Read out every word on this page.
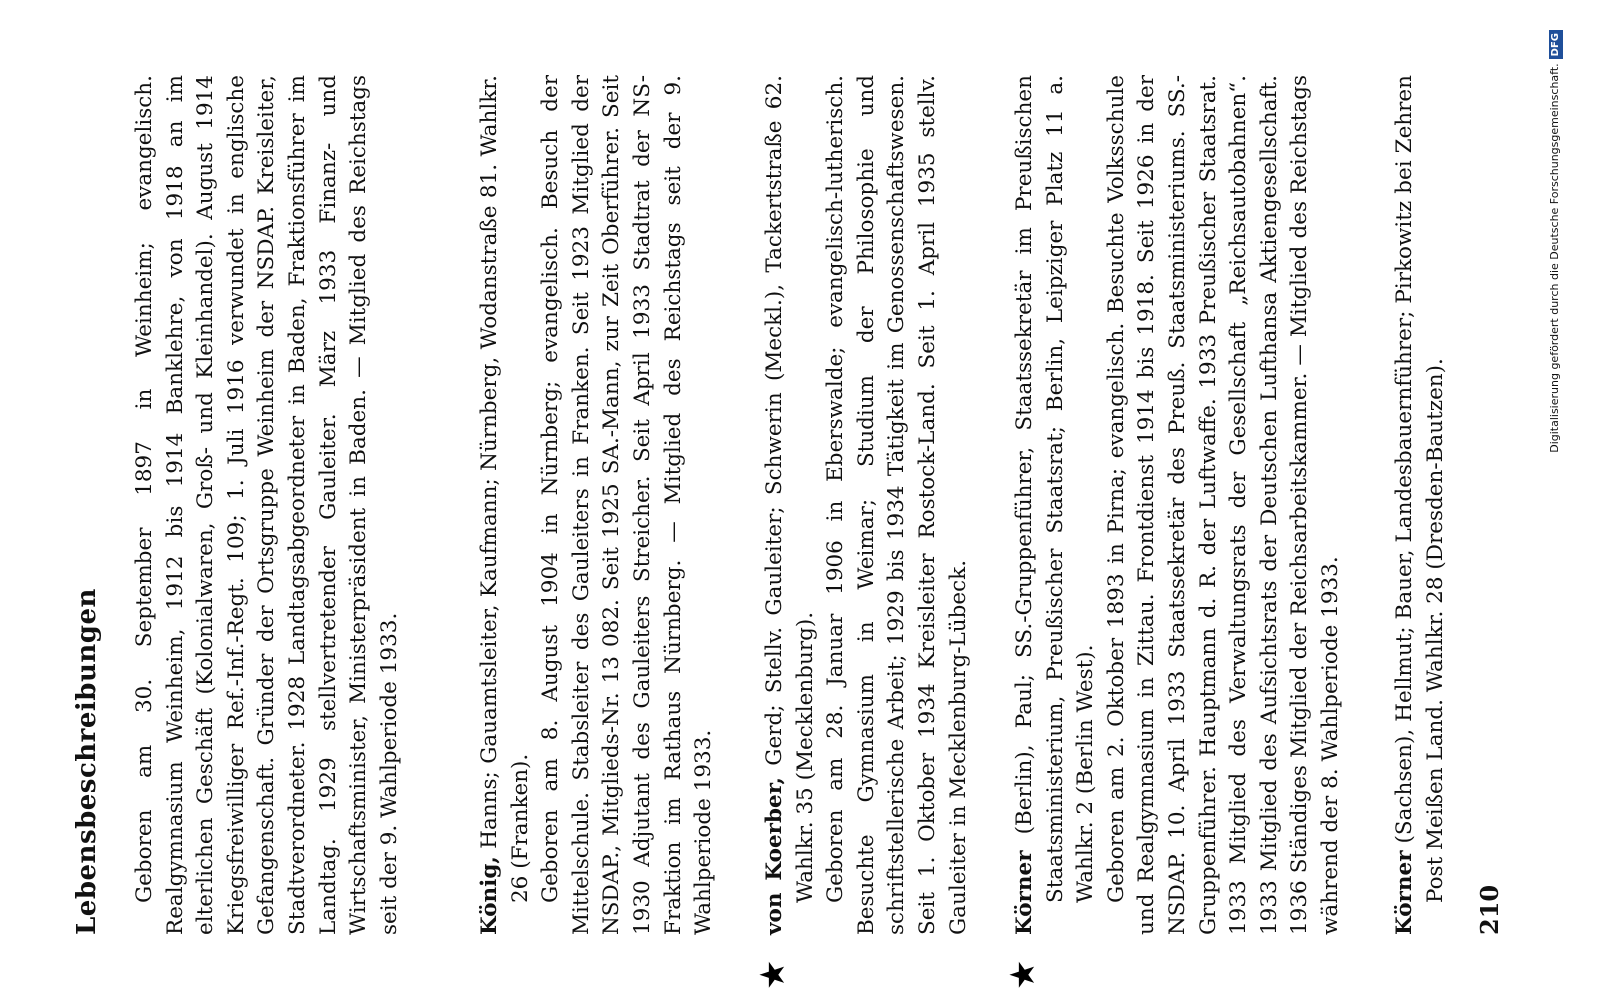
Lebensbeschreibungen Geboren am 30. September 1897 in Weinheim; evangelisch. Realgymnasium Weinheim, 1912 bis 1914 Banklehre, von 1918 an im elterlichen Geschäft (Kolonialwaren, Groß- und Kleinhandel). August 1914 Kriegsfreiwilliger Ref.-Inf.-Regt. 109; 1. Juli 1916 verwundet in englische Gefangenschaft. Gründer der Ortsgruppe Weinheim der NSDAP. Kreisleiter, Stadtverordneter. 1928 Landtagsabgeordneter in Baden, Fraktionsführer im Landtag. 1929 stellvertretender Gauleiter. März 1933 Finanz- und Wirtschaftsminister, Ministerpräsident in Baden. — Mitglied des Reichstags seit der 9. Wahlperiode 1933.	König, Hanns; Gauamtsleiter, Kaufmann; Nürnberg, Wodanstraße 81. Wahlkr. 26 (Franken). Geboren am 8. August 1904 in Nürnberg; evangelisch. Besuch der Mittelschule. Stabsleiter des Gauleiters in Franken. Seit 1923 Mitglied der NSDAP., Mitglieds-Nr. 13 082. Seit 1925 SA.-Mann, zur Zeit Oberführer. Seit 1930 Adjutant des Gauleiters Streicher. Seit April 1933 Stadtrat der NS-Fraktion im Rathaus Nürnberg. — Mitglied des Reichstags seit der 9. Wahlperiode 1933.

★

von Koerber, Gerd; Stellv. Gauleiter; Schwerin (Meckl.), Tackertstraße 62. Wahlkr. 35 (Mecklenburg). Geboren am 28. Januar 1906 in Eberswalde; evangelisch-lutherisch. Besuchte Gymnasium in Weimar; Studium der Philosophie und schriftstellerische Arbeit; 1929 bis 1934 Tätigkeit im Genossenschaftswesen. Seit 1. Oktober 1934 Kreisleiter Rostock-Land. Seit 1. April 1935 stellv. Gauleiter in Mecklenburg-Lübeck.

★

Körner (Berlin), Paul; SS.-Gruppenführer, Staatssekretär im Preußischen Staatsministerium, Preußischer Staatsrat; Berlin, Leipziger Platz 11 a. Wahlkr. 2 (Berlin West). Geboren am 2. Oktober 1893 in Pirna; evangelisch. Besuchte Volksschule und Realgymnasium in Zittau. Frontdienst 1914 bis 1918. Seit 1926 in der NSDAP. 10. April 1933 Staatssekretär des Preuß. Staatsministeriums. SS.-Gruppenführer. Hauptmann d. R. der Luftwaffe. 1933 Preußischer Staatsrat. 1933 Mitglied des Verwaltungsrats der Gesellschaft „Reichsautobahnen“. 1933 Mitglied des Aufsichtsrats der Deutschen Lufthansa Aktiengesellschaft. 1936 Ständiges Mitglied der Reichsarbeitskammer. — Mitglied des Reichstags während der 8. Wahlperiode 1933. Körner (Sachsen), Hellmut; Bauer, Landesbauernführer; Pirkowitz bei Zehren Post Meißen Land. Wahlkr. 28 (Dresden-Bautzen).

210
Digitalisierung gefördert durch die Deutsche Forschungsgemeinschaft.DFG
